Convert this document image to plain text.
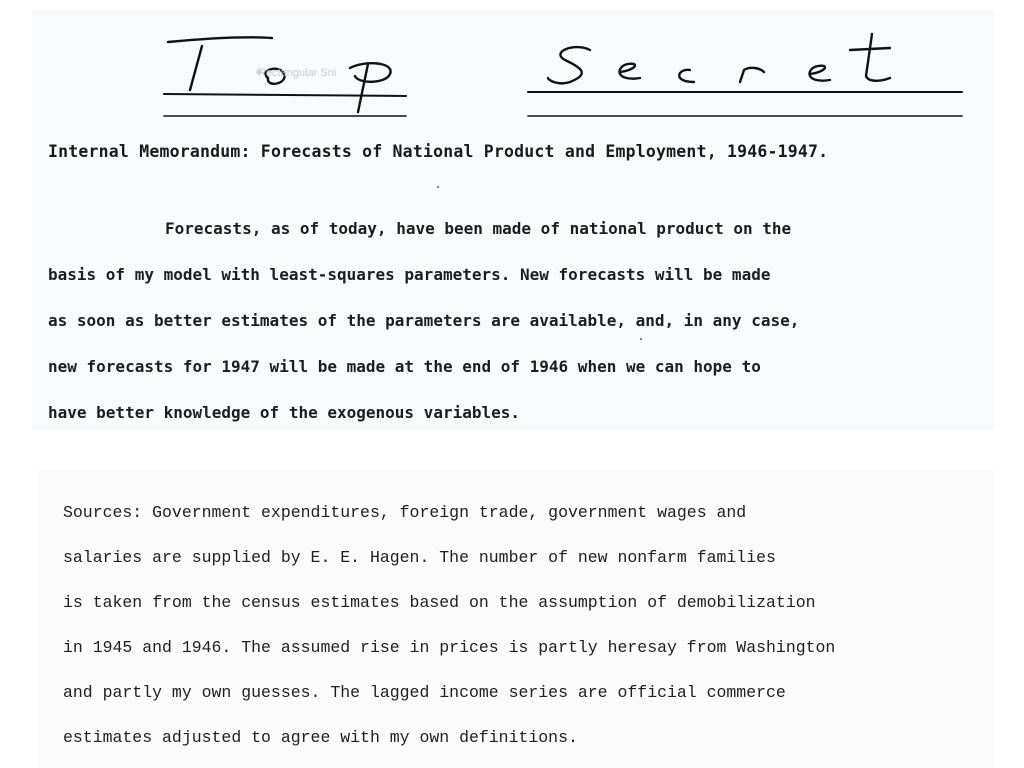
Rectangular Sni
Internal Memorandum: Forecasts of National Product and Employment, 1946-1947.
Forecasts, as of today, have been made of national product on the
basis of my model with least-squares parameters. New forecasts will be made
as soon as better estimates of the parameters are available, and, in any case,
new forecasts for 1947 will be made at the end of 1946 when we can hope to
have better knowledge of the exogenous variables.
Sources: Government expenditures, foreign trade, government wages and
salaries are supplied by E. E. Hagen. The number of new nonfarm families
is taken from the census estimates based on the assumption of demobilization
in 1945 and 1946. The assumed rise in prices is partly heresay from Washington
and partly my own guesses. The lagged income series are official commerce
estimates adjusted to agree with my own definitions.
